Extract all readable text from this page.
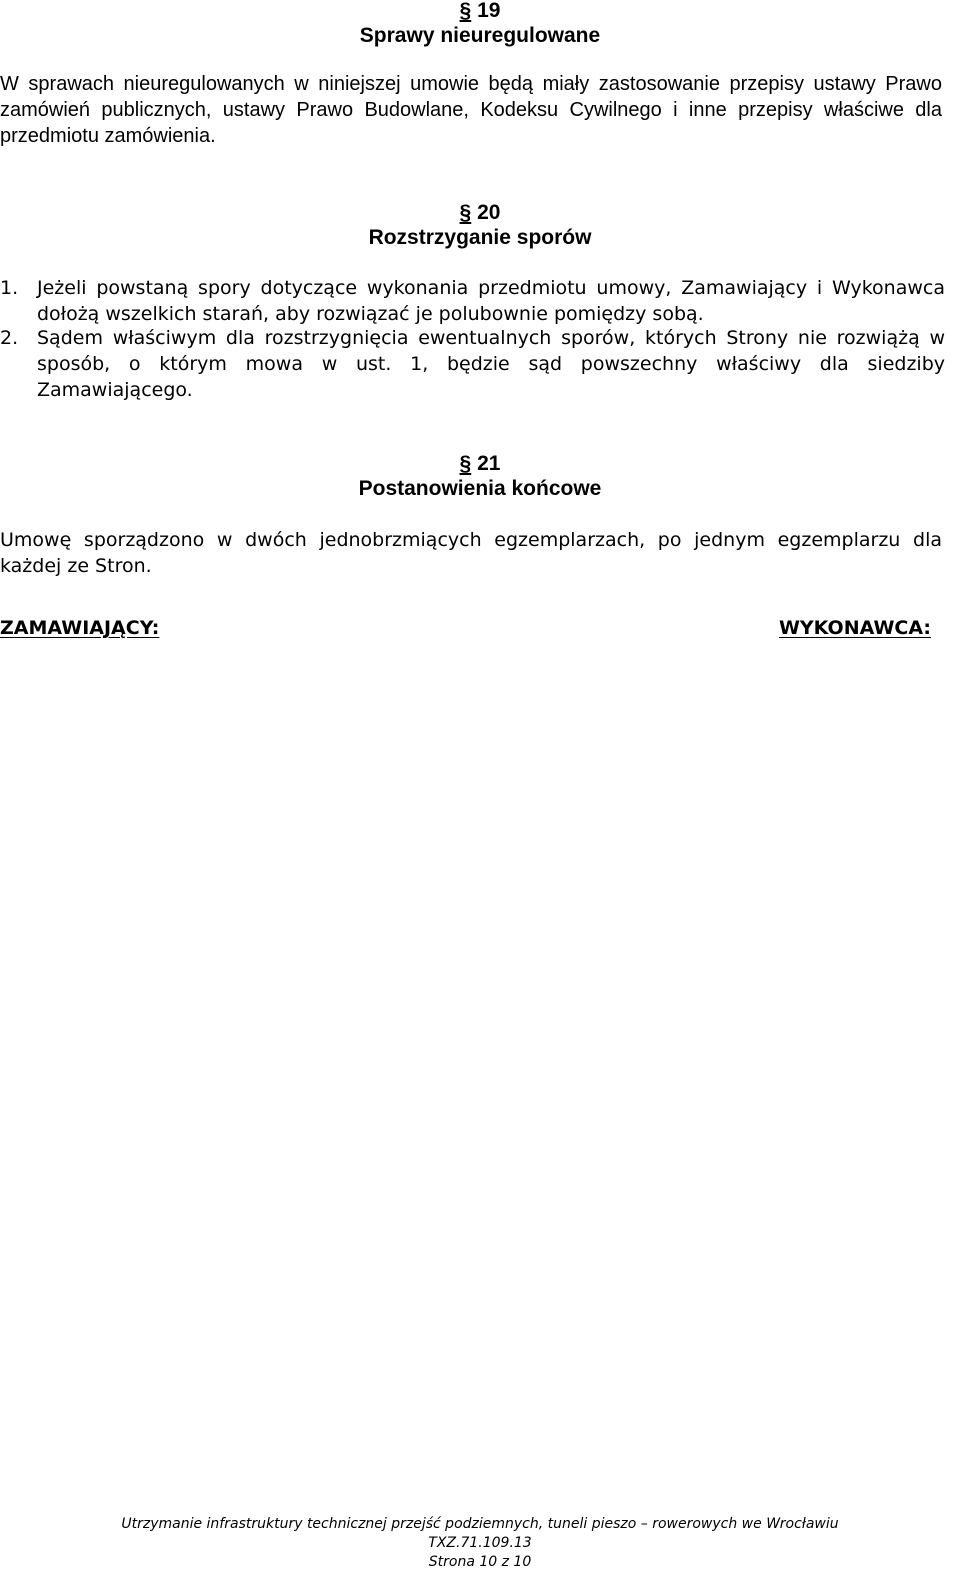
§ 19
Sprawy nieuregulowane

W sprawach nieuregulowanych w niniejszej umowie będą miały zastosowanie przepisy ustawy Prawo zamówień publicznych, ustawy Prawo Budowlane, Kodeksu Cywilnego i inne przepisy właściwe dla przedmiotu zamówienia.

§ 20
Rozstrzyganie sporów
1. Jeżeli powstaną spory dotyczące wykonania przedmiotu umowy, Zamawiający i Wykonawca dołożą wszelkich starań, aby rozwiązać je polubownie pomiędzy sobą.
2. Sądem właściwym dla rozstrzygnięcia ewentualnych sporów, których Strony nie rozwiążą w sposób, o którym mowa w ust. 1, będzie sąd powszechny właściwy dla siedziby Zamawiającego.
§ 21
Postanowienia końcowe

Umowę sporządzono w dwóch jednobrzmiących egzemplarzach, po jednym egzemplarzu dla każdej ze Stron.

ZAMAWIAJĄCY:	WYKONAWCA:
Utrzymanie infrastruktury technicznej przejść podziemnych, tuneli pieszo – rowerowych we Wrocławiu
TXZ.71.109.13
Strona 10 z 10
